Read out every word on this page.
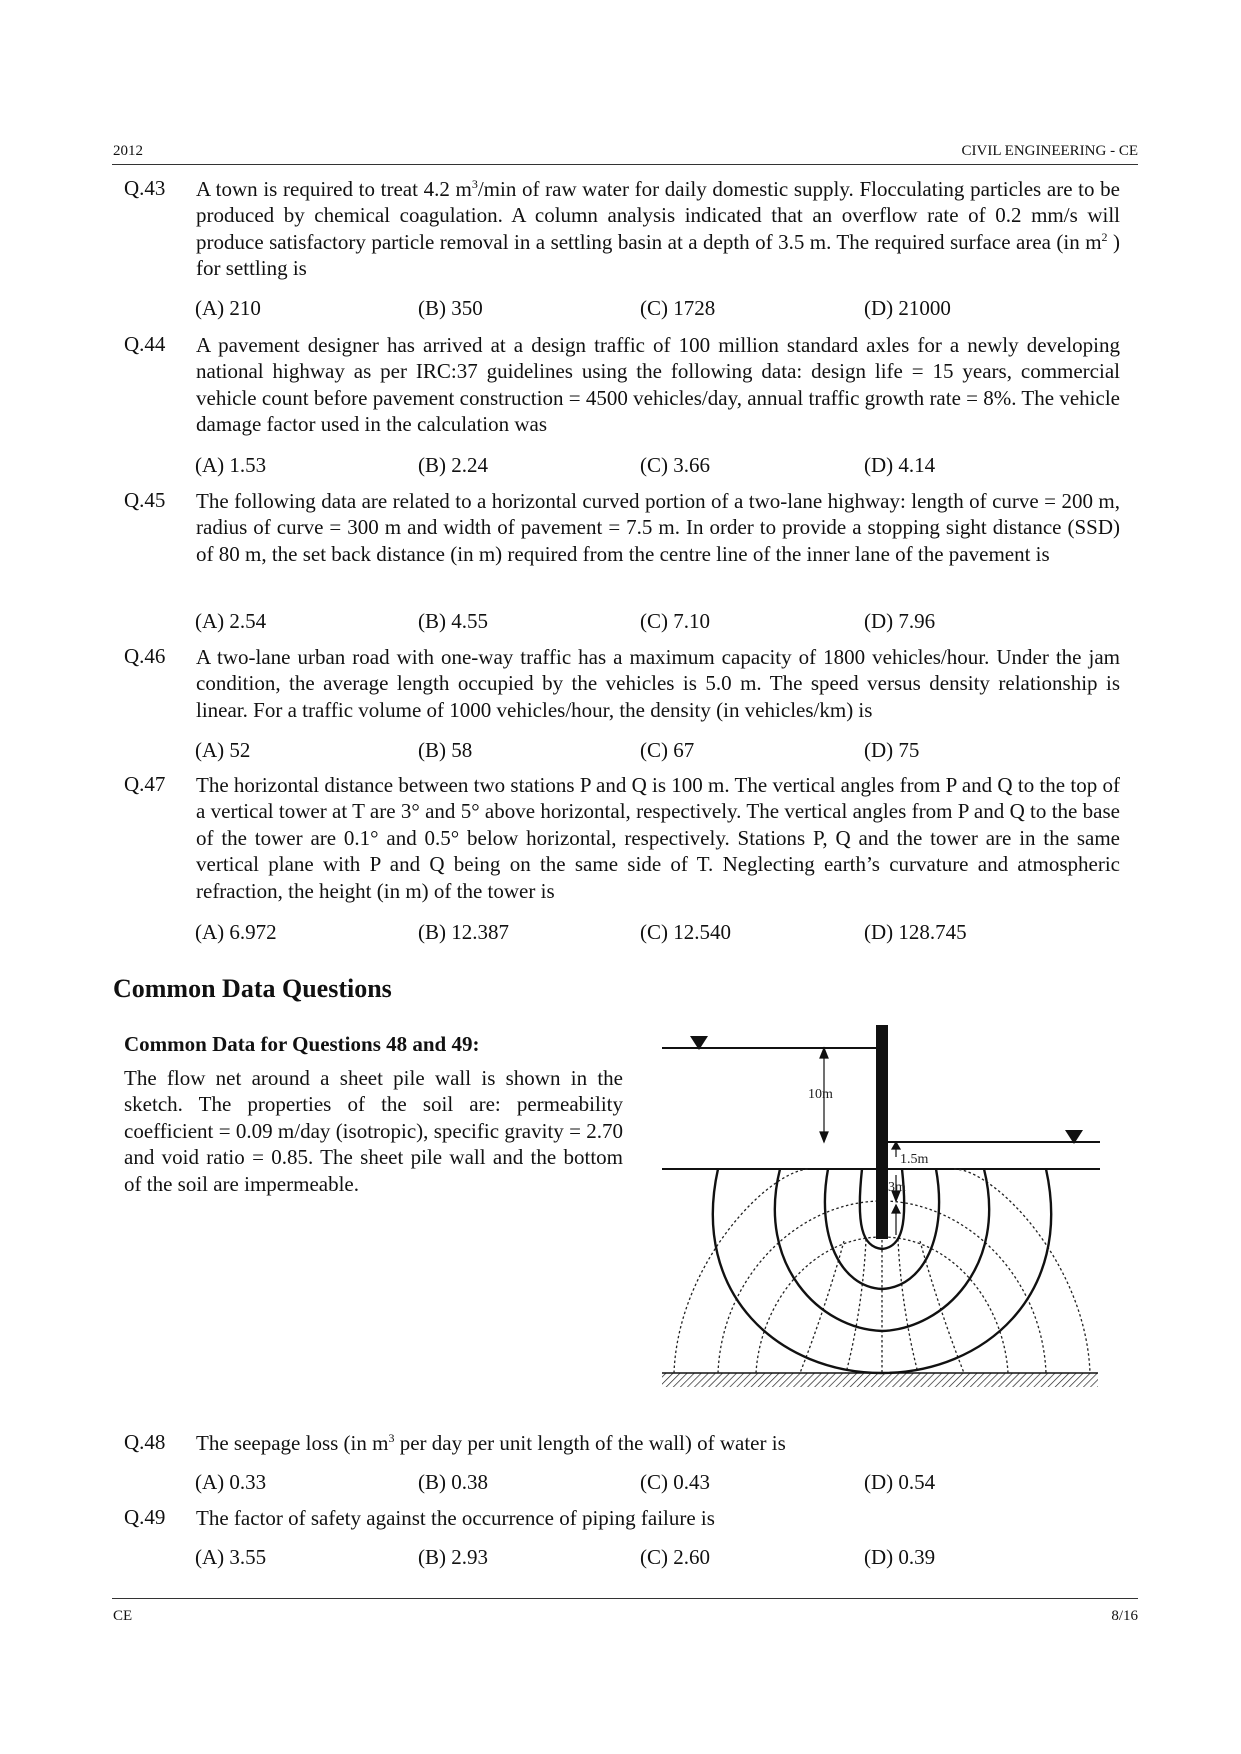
2012	CIVIL ENGINEERING - CE
Q.43 A town is required to treat 4.2 $m^3/\min$ of raw water for daily domestic supply. Flocculating particles are to be produced by chemical coagulation. A column analysis indicated that an overflow rate of 0.2 mm/s will produce satisfactory particle removal in a settling basin at a depth of 3.5 m. The required surface area (in $m^2$ ) for settling is
(A) 210	(B) 350	(C) 1728	(D) 21000
Q.44 A pavement designer has arrived at a design traffic of 100 million standard axles for a newly developing national highway as per IRC:37 guidelines using the following data: design life = 15 years, commercial vehicle count before pavement construction = 4500 vehicles/day, annual traffic growth rate = 8%. The vehicle damage factor used in the calculation was
(A) 1.53	(B) 2.24	(C) 3.66	(D) 4.14
Q.45 The following data are related to a horizontal curved portion of a two-lane highway: length of curve = 200 m, radius of curve = 300 m and width of pavement = 7.5 m. In order to provide a stopping sight distance (SSD) of 80 m, the set back distance (in m) required from the centre line of the inner lane of the pavement is
(A) 2.54	(B) 4.55	(C) 7.10	(D) 7.96
Q.46 A two-lane urban road with one-way traffic has a maximum capacity of 1800 vehicles/hour. Under the jam condition, the average length occupied by the vehicles is 5.0 m. The speed versus density relationship is linear. For a traffic volume of 1000 vehicles/hour, the density (in vehicles/km) is
(A) 52	(B) 58	(C) 67	(D) 75
Q.47 The horizontal distance between two stations P and Q is 100 m. The vertical angles from P and Q to the top of a vertical tower at T are 3° and 5° above horizontal, respectively. The vertical angles from P and Q to the base of the tower are 0.1° and 0.5° below horizontal, respectively. Stations P, Q and the tower are in the same vertical plane with P and Q being on the same side of T. Neglecting earth’s curvature and atmospheric refraction, the height (in m) of the tower is
(A) 6.972	(B) 12.387	(C) 12.540	(D) 128.745
Common Data Questions
Common Data for Questions 48 and 49:
The flow net around a sheet pile wall is shown in the sketch. The properties of the soil are: permeability coefficient = 0.09 m/day (isotropic), specific gravity = 2.70 and void ratio = 0.85. The sheet pile wall and the bottom of the soil are impermeable.
10m
1.5m
3m
Q.48 The seepage loss (in $m^3$ per day per unit length of the wall) of water is
(A) 0.33	(B) 0.38	(C) 0.43	(D) 0.54
Q.49 The factor of safety against the occurrence of piping failure is
(A) 3.55	(B) 2.93	(C) 2.60	(D) 0.39
CE	8/16
